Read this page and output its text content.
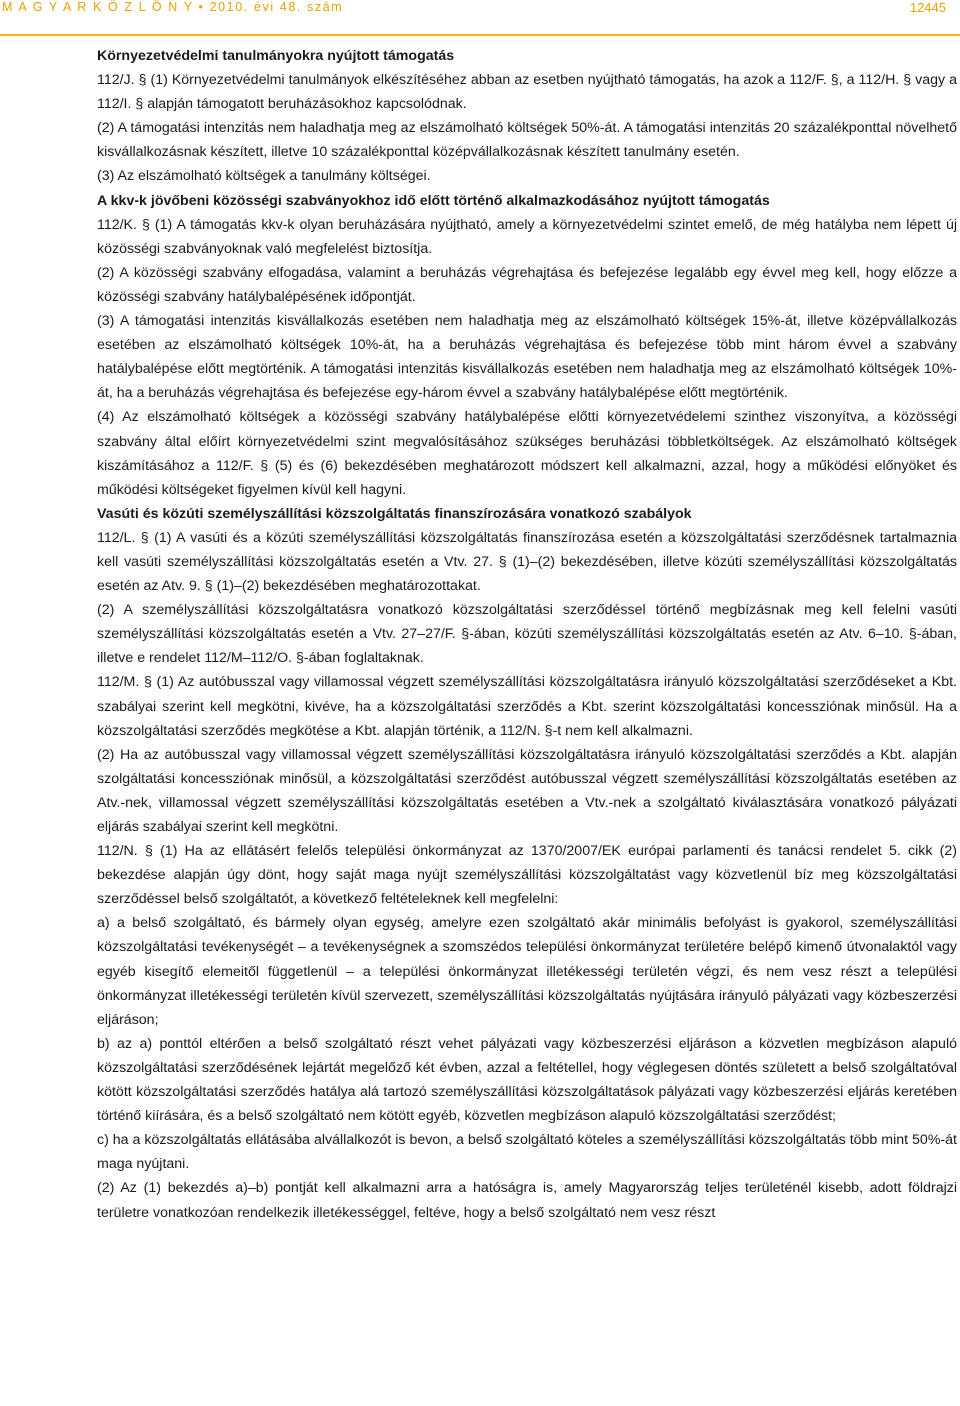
M A G Y A R K Ö Z L Ö N Y • 2010. évi 48. szám	12445

Környezetvédelmi tanulmányokra nyújtott támogatás

112/J. § (1) Környezetvédelmi tanulmányok elkészítéséhez abban az esetben nyújtható támogatás, ha azok a 112/F. §, a 112/H. § vagy a 112/I. § alapján támogatott beruházásokhoz kapcsolódnak.

(2) A támogatási intenzitás nem haladhatja meg az elszámolható költségek 50%-át. A támogatási intenzitás 20 százalékponttal növelhető kisvállalkozásnak készített, illetve 10 százalékponttal középvállalkozásnak készített tanulmány esetén.

(3) Az elszámolható költségek a tanulmány költségei.

A kkv-k jövőbeni közösségi szabványokhoz idő előtt történő alkalmazkodásához nyújtott támogatás

112/K. § (1) A támogatás kkv-k olyan beruházására nyújtható, amely a környezetvédelmi szintet emelő, de még hatályba nem lépett új közösségi szabványoknak való megfelelést biztosítja.

(2) A közösségi szabvány elfogadása, valamint a beruházás végrehajtása és befejezése legalább egy évvel meg kell, hogy előzze a közösségi szabvány hatálybalépésének időpontját.

(3) A támogatási intenzitás kisvállalkozás esetében nem haladhatja meg az elszámolható költségek 15%-át, illetve középvállalkozás esetében az elszámolható költségek 10%-át, ha a beruházás végrehajtása és befejezése több mint három évvel a szabvány hatálybalépése előtt megtörténik. A támogatási intenzitás kisvállalkozás esetében nem haladhatja meg az elszámolható költségek 10%-át, ha a beruházás végrehajtása és befejezése egy-három évvel a szabvány hatálybalépése előtt megtörténik.

(4) Az elszámolható költségek a közösségi szabvány hatálybalépése előtti környezetvédelemi szinthez viszonyítva, a közösségi szabvány által előírt környezetvédelmi szint megvalósításához szükséges beruházási többletköltségek. Az elszámolható költségek kiszámításához a 112/F. § (5) és (6) bekezdésében meghatározott módszert kell alkalmazni, azzal, hogy a működési előnyöket és működési költségeket figyelmen kívül kell hagyni.

Vasúti és közúti személyszállítási közszolgáltatás finanszírozására vonatkozó szabályok

112/L. § (1) A vasúti és a közúti személyszállítási közszolgáltatás finanszírozása esetén a közszolgáltatási szerződésnek tartalmaznia kell vasúti személyszállítási közszolgáltatás esetén a Vtv. 27. § (1)–(2) bekezdésében, illetve közúti személyszállítási közszolgáltatás esetén az Atv. 9. § (1)–(2) bekezdésében meghatározottakat.

(2) A személyszállítási közszolgáltatásra vonatkozó közszolgáltatási szerződéssel történő megbízásnak meg kell felelni vasúti személyszállítási közszolgáltatás esetén a Vtv. 27–27/F. §-ában, közúti személyszállítási közszolgáltatás esetén az Atv. 6–10. §-ában, illetve e rendelet 112/M–112/O. §-ában foglaltaknak.

112/M. § (1) Az autóbusszal vagy villamossal végzett személyszállítási közszolgáltatásra irányuló közszolgáltatási szerződéseket a Kbt. szabályai szerint kell megkötni, kivéve, ha a közszolgáltatási szerződés a Kbt. szerint közszolgáltatási koncessziónak minősül. Ha a közszolgáltatási szerződés megkötése a Kbt. alapján történik, a 112/N. §-t nem kell alkalmazni.

(2) Ha az autóbusszal vagy villamossal végzett személyszállítási közszolgáltatásra irányuló közszolgáltatási szerződés a Kbt. alapján szolgáltatási koncessziónak minősül, a közszolgáltatási szerződést autóbusszal végzett személyszállítási közszolgáltatás esetében az Atv.-nek, villamossal végzett személyszállítási közszolgáltatás esetében a Vtv.-nek a szolgáltató kiválasztására vonatkozó pályázati eljárás szabályai szerint kell megkötni.

112/N. § (1) Ha az ellátásért felelős települési önkormányzat az 1370/2007/EK európai parlamenti és tanácsi rendelet 5. cikk (2) bekezdése alapján úgy dönt, hogy saját maga nyújt személyszállítási közszolgáltatást vagy közvetlenül bíz meg közszolgáltatási szerződéssel belső szolgáltatót, a következő feltételeknek kell megfelelni:

a) a belső szolgáltató, és bármely olyan egység, amelyre ezen szolgáltató akár minimális befolyást is gyakorol, személyszállítási közszolgáltatási tevékenységét – a tevékenységnek a szomszédos települési önkormányzat területére belépő kimenő útvonalaktól vagy egyéb kisegítő elemeitől függetlenül – a települési önkormányzat illetékességi területén végzi, és nem vesz részt a települési önkormányzat illetékességi területén kívül szervezett, személyszállítási közszolgáltatás nyújtására irányuló pályázati vagy közbeszerzési eljáráson;

b) az a) ponttól eltérően a belső szolgáltató részt vehet pályázati vagy közbeszerzési eljáráson a közvetlen megbízáson alapuló közszolgáltatási szerződésének lejártát megelőző két évben, azzal a feltétellel, hogy véglegesen döntés született a belső szolgáltatóval kötött közszolgáltatási szerződés hatálya alá tartozó személyszállítási közszolgáltatások pályázati vagy közbeszerzési eljárás keretében történő kiírására, és a belső szolgáltató nem kötött egyéb, közvetlen megbízáson alapuló közszolgáltatási szerződést;

c) ha a közszolgáltatás ellátásába alvállalkozót is bevon, a belső szolgáltató köteles a személyszállítási közszolgáltatás több mint 50%-át maga nyújtani.

(2) Az (1) bekezdés a)–b) pontját kell alkalmazni arra a hatóságra is, amely Magyarország teljes területénél kisebb, adott földrajzi területre vonatkozóan rendelkezik illetékességgel, feltéve, hogy a belső szolgáltató nem vesz részt
